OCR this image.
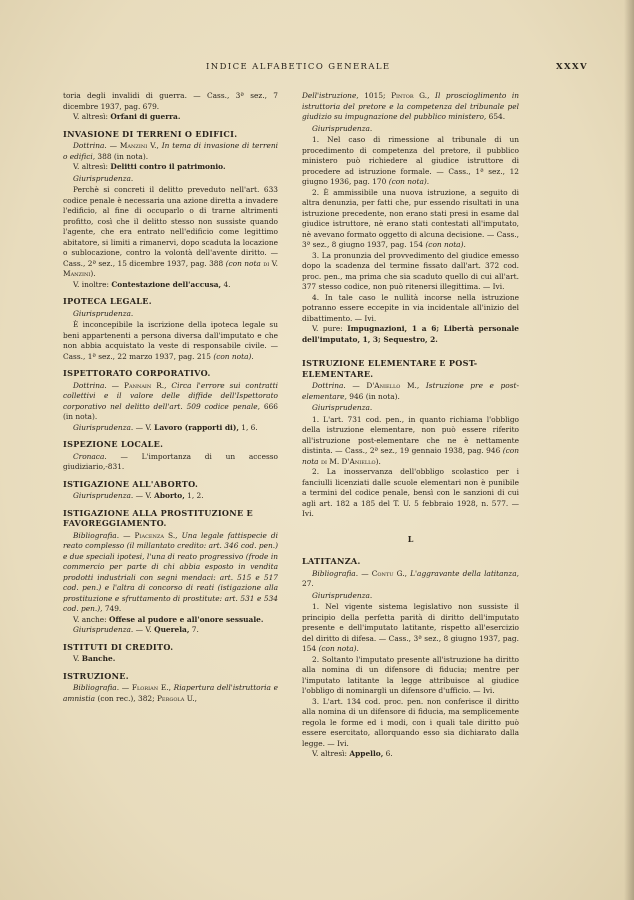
INDICE ALFABETICO GENERALE	XXXV

toria degli invalidi di guerra. — Cass., 3ª sez., 7 dicembre 1937, pag. 679.

V. altresì: Orfani di guerra.

INVASIONE DI TERRENI O EDIFICI.

Dottrina. — Manzini V., In tema di invasione di terreni o edifici, 388 (in nota).

V. altresì: Delitti contro il patrimonio.

Giurisprudenza.

Perchè si concreti il delitto preveduto nell'art. 633 codice penale è necessaria una azione diretta a invadere l'edificio, al fine di occuparlo o di trarne altrimenti profitto, così che il delitto stesso non sussiste quando l'agente, che era entrato nell'edificio come legittimo abitatore, si limiti a rimanervi, dopo scaduta la locazione o sublocazione, contro la volontà dell'avente diritto. — Cass., 2ª sez., 15 dicembre 1937, pag. 388 (con nota di V. Manzini).

V. inoltre: Contestazione dell'accusa, 4.

IPOTECA LEGALE.

Giurisprudenza.

È inconcepibile la iscrizione della ipoteca legale su beni appartenenti a persona diversa dall'imputato e che non abbia acquistato la veste di responsabile civile. — Cass., 1ª sez., 22 marzo 1937, pag. 215 (con nota).

ISPETTORATO CORPORATIVO.

Dottrina. — Pannain R., Circa l'errore sui contratti collettivi e il valore delle diffide dell'Ispettorato corporativo nel delitto dell'art. 509 codice penale, 666 (in nota).

Giurisprudenza. — V. Lavoro (rapporti di), 1, 6.

ISPEZIONE LOCALE.

Cronaca. — L'importanza di un accesso giudiziario,-831.

ISTIGAZIONE ALL'ABORTO.

Giurisprudenza. — V. Aborto, 1, 2.

ISTIGAZIONE ALLA PROSTITUZIONE E FAVOREGGIAMENTO.

Bibliografia. — Piacenza S., Una legale fattispecie di reato complesso (il millantato credito: art. 346 cod. pen.) e due speciali ipotesi, l'una di reato progressivo (frode in commercio per parte di chi abbia esposto in vendita prodotti industriali con segni mendaci: art. 515 e 517 cod. pen.) e l'altra di concorso di reati (istigazione alla prostituzione e sfruttamento di prostitute: art. 531 e 534 cod. pen.), 749.

V. anche: Offese al pudore e all'onore sessuale.

Giurisprudenza. — V. Querela, 7.

ISTITUTI DI CREDITO.

V. Banche.

ISTRUZIONE.

Bibliografia. — Florian E., Riapertura dell'istruttoria e amnistia (con rec.), 382; Pergola U.,

Dell'istruzione, 1015; Pintor G., Il proscioglimento in istruttoria del pretore e la competenza del tribunale pel giudizio su impugnazione del pubblico ministero, 654.

Giurisprudenza.

1. Nel caso di rimessione al tribunale di un procedimento di competenza del pretore, il pubblico ministero può richiedere al giudice istruttore di procedere ad istruzione formale. — Cass., 1ª sez., 12 giugno 1936, pag. 170 (con nota).

2. È ammissibile una nuova istruzione, a seguito di altra denunzia, per fatti che, pur essendo risultati in una istruzione precedente, non erano stati presi in esame dal giudice istruttore, nè erano stati contestati all'imputato, nè avevano formato oggetto di alcuna decisione. — Cass., 3ª sez., 8 giugno 1937, pag. 154 (con nota).

3. La pronunzia del provvedimento del giudice emesso dopo la scadenza del termine fissato dall'art. 372 cod. proc. pen., ma prima che sia scaduto quello di cui all'art. 377 stesso codice, non può ritenersi illegittima. — Ivi.

4. In tale caso le nullità incorse nella istruzione potranno essere eccepite in via incidentale all'inizio del dibattimento. — Ivi.

V. pure: Impugnazioni, 1 a 6; Libertà personale dell'imputato, 1, 3; Sequestro, 2.

ISTRUZIONE ELEMENTARE E POST-ELEMENTARE.

Dottrina. — D'Aniello M., Istruzione pre e post-elementare, 946 (in nota).

Giurisprudenza.

1. L'art. 731 cod. pen., in quanto richiama l'obbligo della istruzione elementare, non può essere riferito all'istruzione post-elementare che ne è nettamente distinta. — Cass., 2ª sez., 19 gennaio 1938, pag. 946 (con nota di M. D'Aniello).

2. La inosservanza dell'obbligo scolastico per i fanciulli licenziati dalle scuole elementari non è punibile a termini del codice penale, bensì con le sanzioni di cui agli art. 182 a 185 del T. U. 5 febbraio 1928, n. 577. — Ivi.

L
LATITANZA.

Bibliografia. — Contu G., L'aggravante della latitanza, 27.

Giurisprudenza.

1. Nel vigente sistema legislativo non sussiste il principio della perfetta parità di diritto dell'imputato presente e dell'imputato latitante, rispetto all'esercizio del diritto di difesa. — Cass., 3ª sez., 8 giugno 1937, pag. 154 (con nota).

2. Soltanto l'imputato presente all'istruzione ha diritto alla nomina di un difensore di fiducia; mentre per l'imputato latitante la legge attribuisce al giudice l'obbligo di nominargli un difensore d'ufficio. — Ivi.

3. L'art. 134 cod. proc. pen. non conferisce il diritto alla nomina di un difensore di fiducia, ma semplicemente regola le forme ed i modi, con i quali tale diritto può essere esercitato, allorquando esso sia dichiarato dalla legge. — Ivi.

V. altresì: Appello, 6.
